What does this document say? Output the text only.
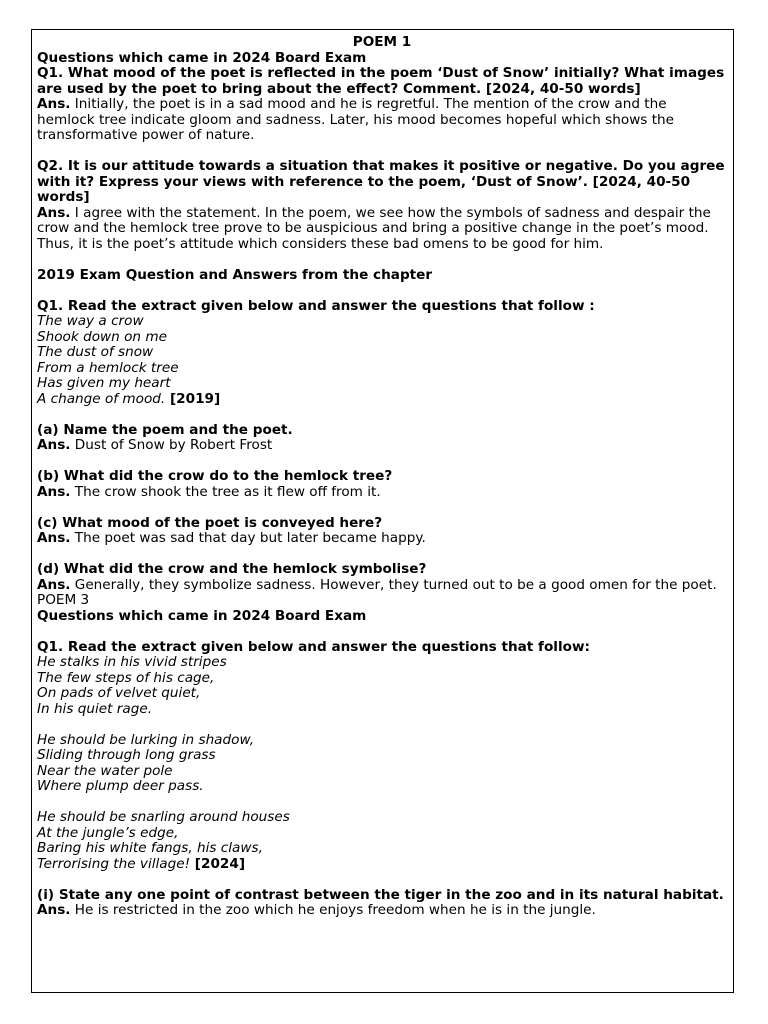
POEM 1

Questions which came in 2024 Board Exam

Q1. What mood of the poet is reflected in the poem ‘Dust of Snow’ initially? What images are used by the poet to bring about the effect? Comment. [2024, 40-50 words]

Ans. Initially, the poet is in a sad mood and he is regretful. The mention of the crow and the hemlock tree indicate gloom and sadness. Later, his mood becomes hopeful which shows the transformative power of nature.

Q2. It is our attitude towards a situation that makes it positive or negative. Do you agree with it? Express your views with reference to the poem, ‘Dust of Snow’. [2024, 40-50 words]

Ans. I agree with the statement. In the poem, we see how the symbols of sadness and despair the crow and the hemlock tree prove to be auspicious and bring a positive change in the poet’s mood. Thus, it is the poet’s attitude which considers these bad omens to be good for him.

2019 Exam Question and Answers from the chapter

Q1. Read the extract given below and answer the questions that follow :

The way a crow

Shook down on me

The dust of snow

From a hemlock tree

Has given my heart

A change of mood. [2019]

(a) Name the poem and the poet.

Ans. Dust of Snow by Robert Frost

(b) What did the crow do to the hemlock tree?

Ans. The crow shook the tree as it flew off from it.

(c) What mood of the poet is conveyed here?

Ans. The poet was sad that day but later became happy.

(d) What did the crow and the hemlock symbolise?

Ans. Generally, they symbolize sadness. However, they turned out to be a good omen for the poet.

POEM 3

Questions which came in 2024 Board Exam

Q1. Read the extract given below and answer the questions that follow:

He stalks in his vivid stripes

The few steps of his cage,

On pads of velvet quiet,

In his quiet rage.

He should be lurking in shadow,

Sliding through long grass

Near the water pole

Where plump deer pass.

He should be snarling around houses

At the jungle’s edge,

Baring his white fangs, his claws,

Terrorising the village! [2024]

(i) State any one point of contrast between the tiger in the zoo and in its natural habitat.

Ans. He is restricted in the zoo which he enjoys freedom when he is in the jungle.
